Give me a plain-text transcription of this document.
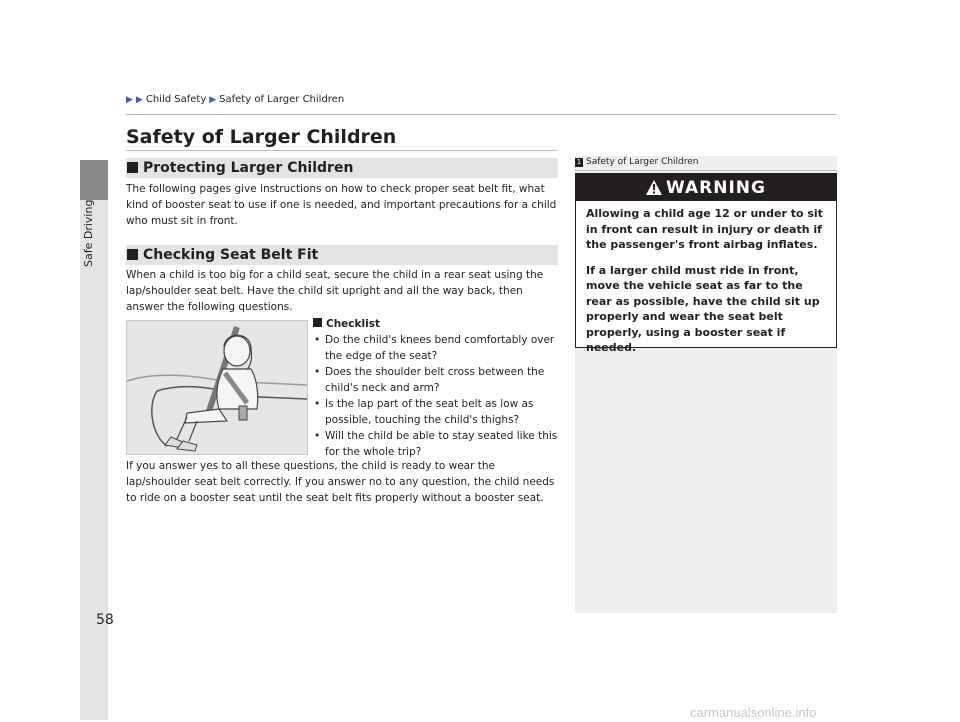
Safe Driving
▶ ▶ Child Safety ▶ Safety of Larger Children
Safety of Larger Children
Protecting Larger Children
The following pages give instructions on how to check proper seat belt fit, what kind of booster seat to use if one is needed, and important precautions for a child who must sit in front.
Checking Seat Belt Fit
When a child is too big for a child seat, secure the child in a rear seat using the lap/shoulder seat belt. Have the child sit upright and all the way back, then answer the following questions.
Checklist
• Do the child's knees bend comfortably over the edge of the seat?
• Does the shoulder belt cross between the child's neck and arm?
• Is the lap part of the seat belt as low as possible, touching the child's thighs?
• Will the child be able to stay seated like this for the whole trip?
If you answer yes to all these questions, the child is ready to wear the lap/shoulder seat belt correctly. If you answer no to any question, the child needs to ride on a booster seat until the seat belt fits properly without a booster seat.
1 Safety of Larger Children
WARNING

Allowing a child age 12 or under to sit in front can result in injury or death if the passenger's front airbag inflates.

If a larger child must ride in front, move the vehicle seat as far to the rear as possible, have the child sit up properly and wear the seat belt properly, using a booster seat if needed.

58
carmanualsonline.info
